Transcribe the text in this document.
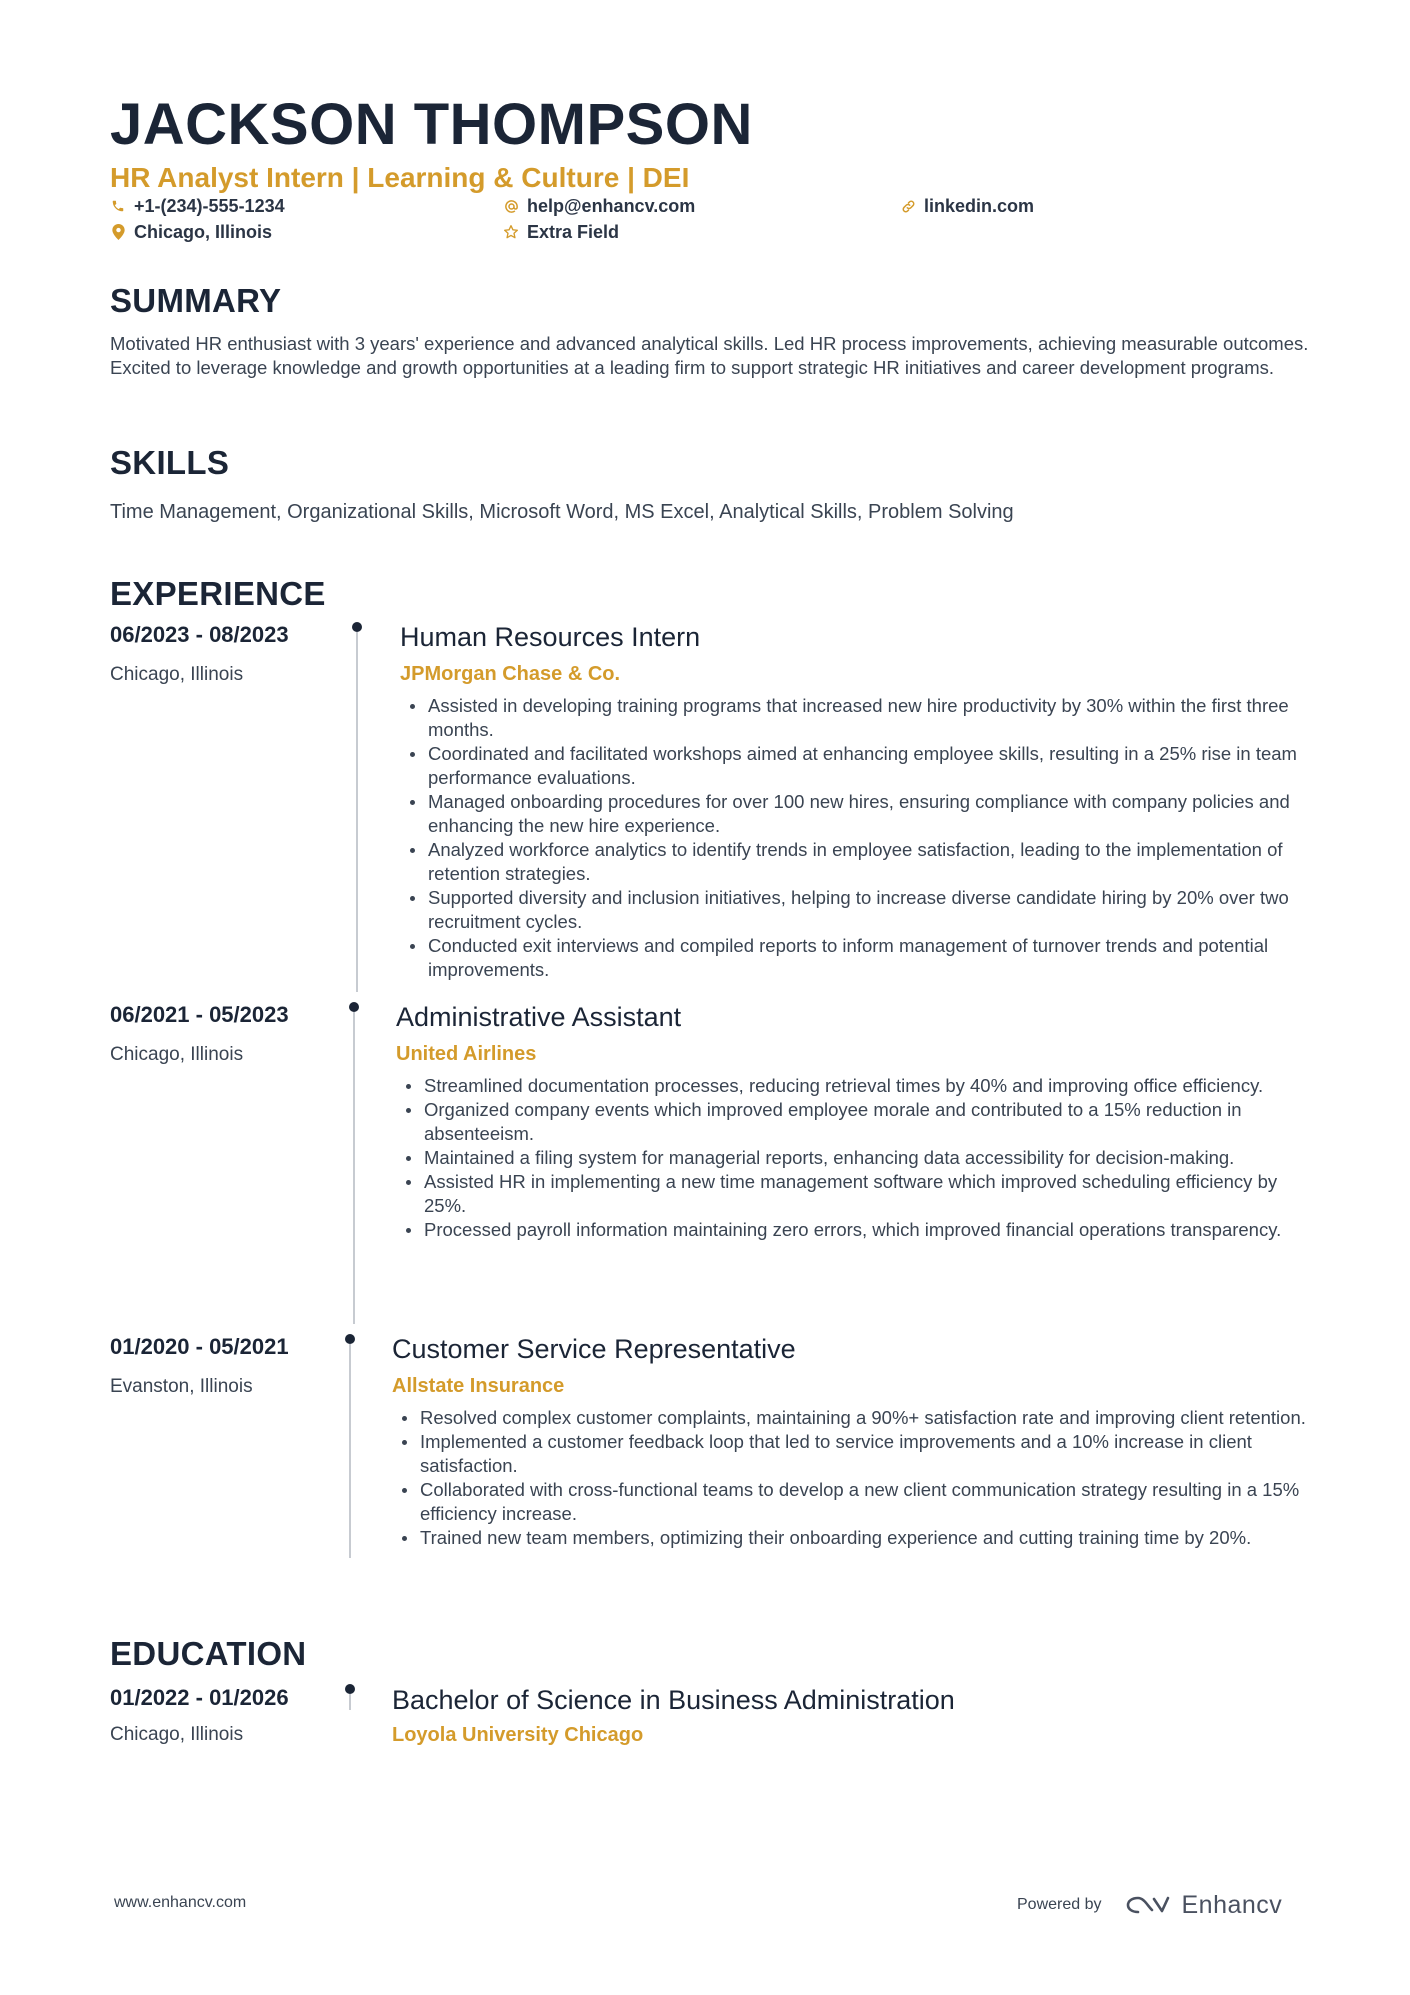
JACKSON THOMPSON
HR Analyst Intern | Learning & Culture | DEI
+1-(234)-555-1234	help@enhancv.com	linkedin.com
Chicago, Illinois	Extra Field
SUMMARY
Motivated HR enthusiast with 3 years' experience and advanced analytical skills. Led HR process improvements, achieving measurable outcomes. Excited to leverage knowledge and growth opportunities at a leading firm to support strategic HR initiatives and career development programs.
SKILLS
Time Management, Organizational Skills, Microsoft Word, MS Excel, Analytical Skills, Problem Solving
EXPERIENCE
06/2023 - 08/2023
Chicago, Illinois
Human Resources Intern
JPMorgan Chase & Co.
Assisted in developing training programs that increased new hire productivity by 30% within the first three months.
Coordinated and facilitated workshops aimed at enhancing employee skills, resulting in a 25% rise in team performance evaluations.
Managed onboarding procedures for over 100 new hires, ensuring compliance with company policies and enhancing the new hire experience.
Analyzed workforce analytics to identify trends in employee satisfaction, leading to the implementation of retention strategies.
Supported diversity and inclusion initiatives, helping to increase diverse candidate hiring by 20% over two recruitment cycles.
Conducted exit interviews and compiled reports to inform management of turnover trends and potential improvements.
06/2021 - 05/2023
Chicago, Illinois
Administrative Assistant
United Airlines
Streamlined documentation processes, reducing retrieval times by 40% and improving office efficiency.
Organized company events which improved employee morale and contributed to a 15% reduction in absenteeism.
Maintained a filing system for managerial reports, enhancing data accessibility for decision-making.
Assisted HR in implementing a new time management software which improved scheduling efficiency by 25%.
Processed payroll information maintaining zero errors, which improved financial operations transparency.
01/2020 - 05/2021
Evanston, Illinois
Customer Service Representative
Allstate Insurance
Resolved complex customer complaints, maintaining a 90%+ satisfaction rate and improving client retention.
Implemented a customer feedback loop that led to service improvements and a 10% increase in client satisfaction.
Collaborated with cross-functional teams to develop a new client communication strategy resulting in a 15% efficiency increase.
Trained new team members, optimizing their onboarding experience and cutting training time by 20%.
EDUCATION
01/2022 - 01/2026
Chicago, Illinois
Bachelor of Science in Business Administration
Loyola University Chicago
www.enhancv.com	Powered by	Enhancv
